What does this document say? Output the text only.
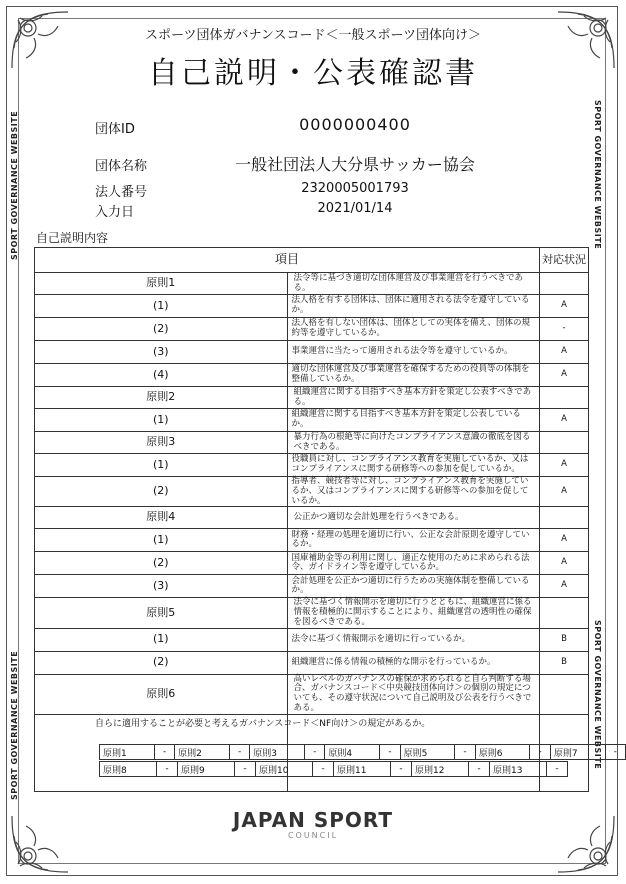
SPORT GOVERNANCE WEBSITE
SPORT GOVERNANCE WEBSITE
SPORT GOVERNANCE WEBSITE
SPORT GOVERNANCE WEBSITE
スポーツ団体ガバナンスコード＜一般スポーツ団体向け＞
自己説明・公表確認書
団体ID	0000000400
団体名称	一般社団法人大分県サッカー協会
法人番号	2320005001793
入力日	2021/01/14
自己説明内容
項目		対応状況
原則1	法令等に基づき適切な団体運営及び事業運営を行うべきである。	
(1)	法人格を有する団体は、団体に適用される法令を遵守しているか。	A
(2)	法人格を有しない団体は、団体としての実体を備え、団体の規約等を遵守しているか。	-
(3)	事業運営に当たって適用される法令等を遵守しているか。	A
(4)	適切な団体運営及び事業運営を確保するための役員等の体制を整備しているか。	A
原則2	組織運営に関する目指すべき基本方針を策定し公表すべきである。	
(1)	組織運営に関する目指すべき基本方針を策定し公表しているか。	A
原則3	暴力行為の根絶等に向けたコンプライアンス意識の徹底を図るべきである。	
(1)	役職員に対し、コンプライアンス教育を実施しているか、又はコンプライアンスに関する研修等への参加を促しているか。	A
(2)	指導者、競技者等に対し、コンプライアンス教育を実施しているか、又はコンプライアンスに関する研修等への参加を促しているか。	A
原則4	公正かつ適切な会計処理を行うべきである。	
(1)	財務・経理の処理を適切に行い、公正な会計原則を遵守しているか。	A
(2)	国庫補助金等の利用に関し、適正な使用のために求められる法令、ガイドライン等を遵守しているか。	A
(3)	会計処理を公正かつ適切に行うための実施体制を整備しているか。	A
原則5	法令に基づく情報開示を適切に行うとともに、組織運営に係る情報を積極的に開示することにより、組織運営の透明性の確保を図るべきである。	
(1)	法令に基づく情報開示を適切に行っているか。	B
(2)	組織運営に係る情報の積極的な開示を行っているか。	B
原則6	高いレベルのガバナンスの確保が求められると自ら判断する場合、ガバナンスコード＜中央競技団体向け＞の個別の規定についても、その遵守状況について自己説明及び公表を行うべきである。	

自らに適用することが必要と考えるガバナンスコード＜NF向け＞の規定があるか。
原則1	-	原則2	-	原則3	-	原則4	-	原則5	-	原則6	-	原則7	-
原則8	-	原則9	-	原則10	-	原則11	-	原則12	-	原則13	-
JAPAN SPORT
COUNCIL
